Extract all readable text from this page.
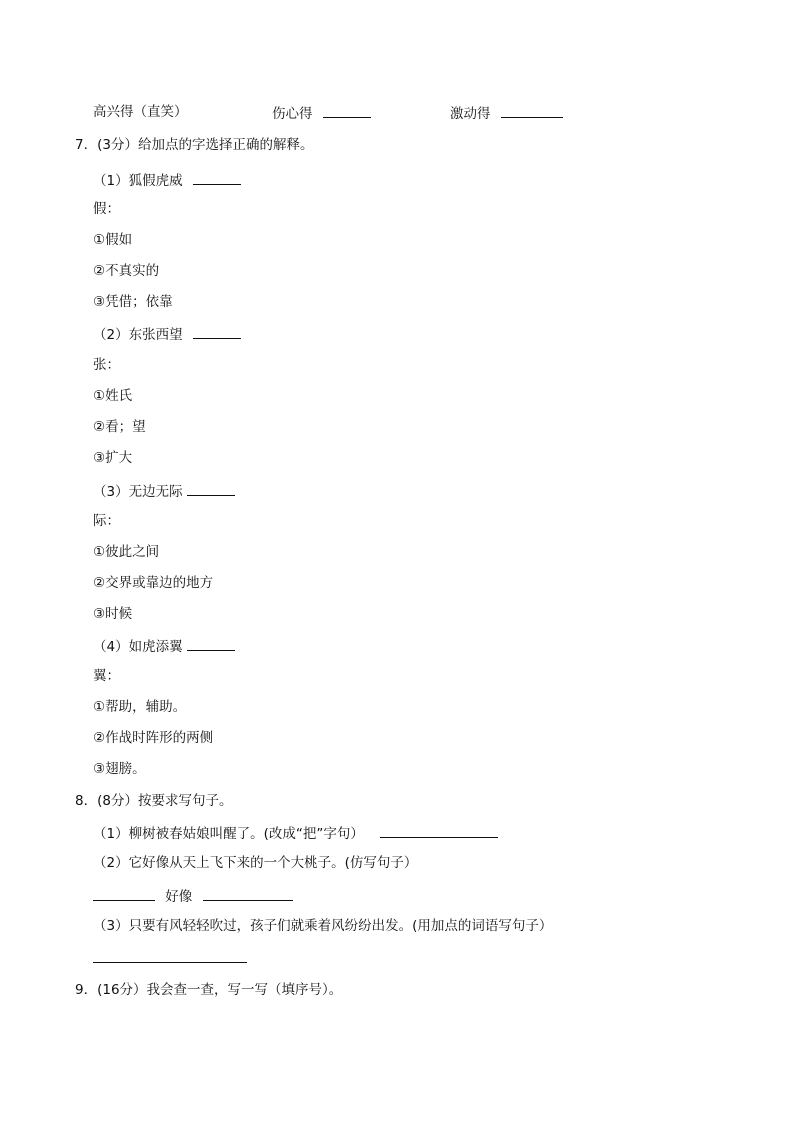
高兴得（直笑）	伤心得	激动得
7．(3分）给加点的字选择正确的解释。
（1）狐假虎威
假：
①假如
②不真实的
③凭借；依靠
（2）东张西望
张：
①姓氏
②看；望
③扩大
（3）无边无际
际：
①彼此之间
②交界或靠边的地方
③时候
（4）如虎添翼
翼：
①帮助，辅助。
②作战时阵形的两侧
③翅膀。
8．(8分）按要求写句子。
（1）柳树被春姑娘叫醒了。(改成“把”字句）
（2）它好像从天上飞下来的一个大桃子。(仿写句子）
好像
（3）只要有风轻轻吹过，孩子们就乘着风纷纷出发。(用加点的词语写句子）
9．(16分）我会查一查，写一写（填序号）。
